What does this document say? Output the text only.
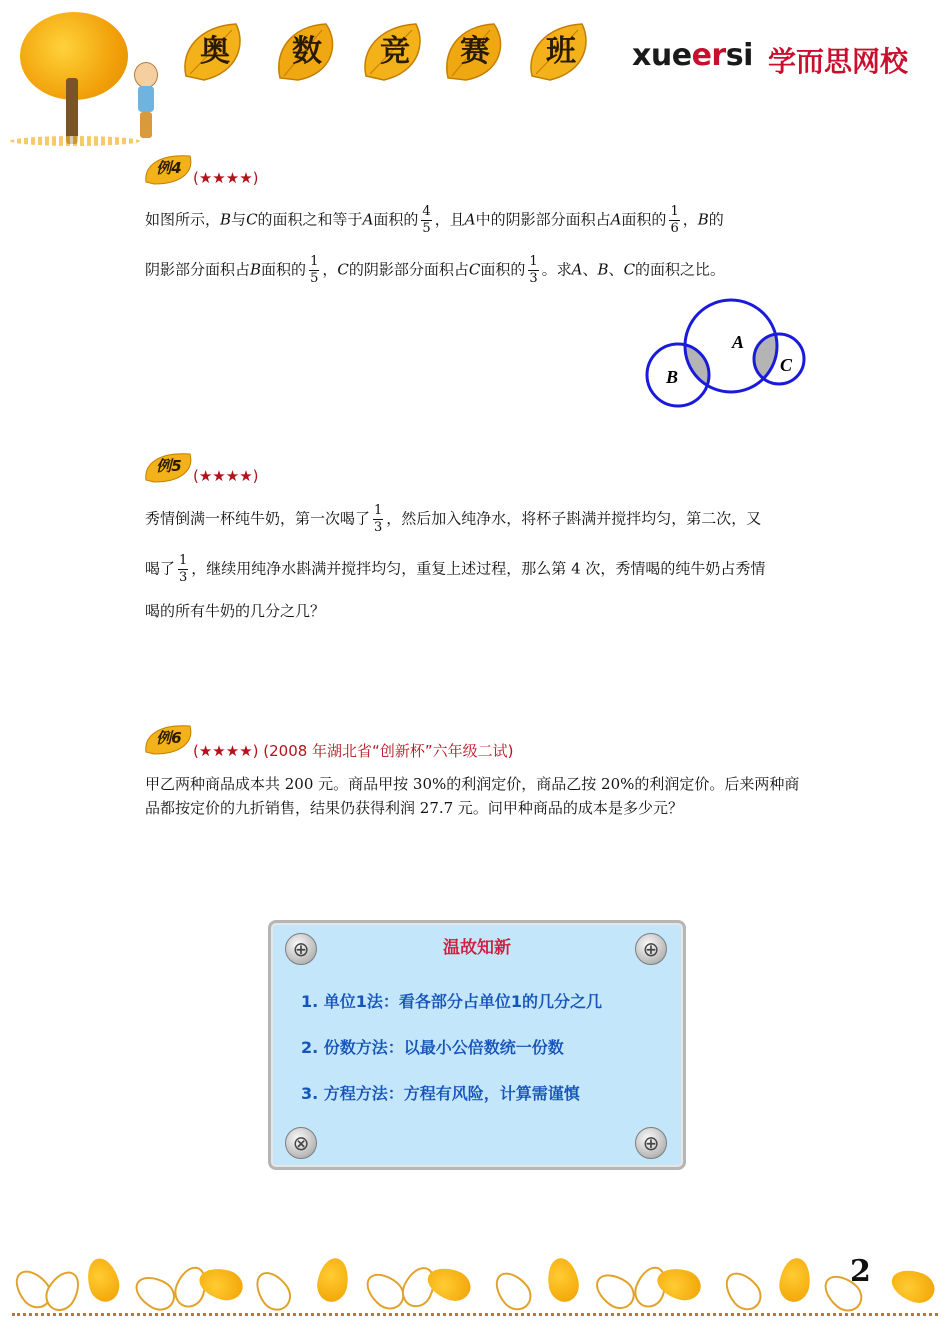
奥	数	竞	赛	班	xueersi 学而思网校
例4
(★★★★)
如图所示，B与C的面积之和等于A面积的 $\frac{4}{5}$ ，且A中的阴影部分面积占A面积的 $\frac{1}{6}$ ，B的
阴影部分面积占B面积的 $\frac{1}{5}$ ，C的阴影部分面积占C面积的 $\frac{1}{3}$ 。求A、B、C的面积之比。
A
B
C
例5
(★★★★)
秀情倒满一杯纯牛奶，第一次喝了 $\frac{1}{3}$ ，然后加入纯净水，将杯子斟满并搅拌均匀，第二次，又
喝了 $\frac{1}{3}$ ，继续用纯净水斟满并搅拌均匀，重复上述过程，那么第 4 次，秀情喝的纯牛奶占秀情
喝的所有牛奶的几分之几？
例6
(★★★★) (2008 年湖北省“创新杯”六年级二试)
甲乙两种商品成本共 200 元。商品甲按 30%的利润定价，商品乙按 20%的利润定价。后来两种商品都按定价的九折销售，结果仍获得利润 27.7 元。问甲种商品的成本是多少元？
⊕	⊕
⊗	⊕
温故知新
1. 单位1法：看各部分占单位1的几分之几
2. 份数方法：以最小公倍数统一份数
3. 方程方法：方程有风险，计算需谨慎
2
